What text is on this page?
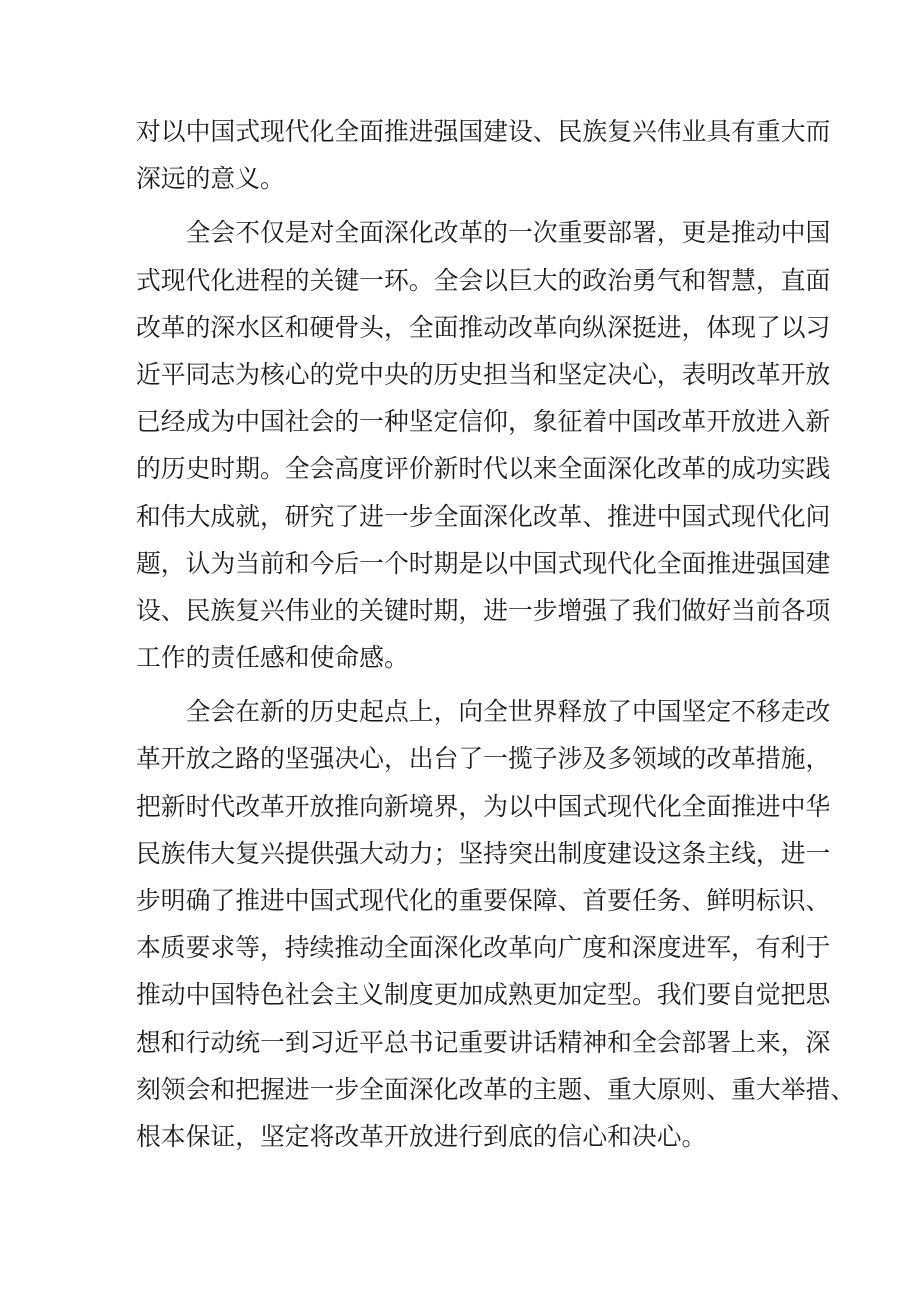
对以中国式现代化全面推进强国建设、民族复兴伟业具有重大而
深远的意义。
全会不仅是对全面深化改革的一次重要部署，更是推动中国
式现代化进程的关键一环。全会以巨大的政治勇气和智慧，直面
改革的深水区和硬骨头，全面推动改革向纵深挺进，体现了以习
近平同志为核心的党中央的历史担当和坚定决心，表明改革开放
已经成为中国社会的一种坚定信仰，象征着中国改革开放进入新
的历史时期。全会高度评价新时代以来全面深化改革的成功实践
和伟大成就，研究了进一步全面深化改革、推进中国式现代化问
题，认为当前和今后一个时期是以中国式现代化全面推进强国建
设、民族复兴伟业的关键时期，进一步增强了我们做好当前各项
工作的责任感和使命感。
全会在新的历史起点上，向全世界释放了中国坚定不移走改
革开放之路的坚强决心，出台了一揽子涉及多领域的改革措施，
把新时代改革开放推向新境界，为以中国式现代化全面推进中华
民族伟大复兴提供强大动力；坚持突出制度建设这条主线，进一
步明确了推进中国式现代化的重要保障、首要任务、鲜明标识、
本质要求等，持续推动全面深化改革向广度和深度进军，有利于
推动中国特色社会主义制度更加成熟更加定型。我们要自觉把思
想和行动统一到习近平总书记重要讲话精神和全会部署上来，深
刻领会和把握进一步全面深化改革的主题、重大原则、重大举措、
根本保证，坚定将改革开放进行到底的信心和决心。
